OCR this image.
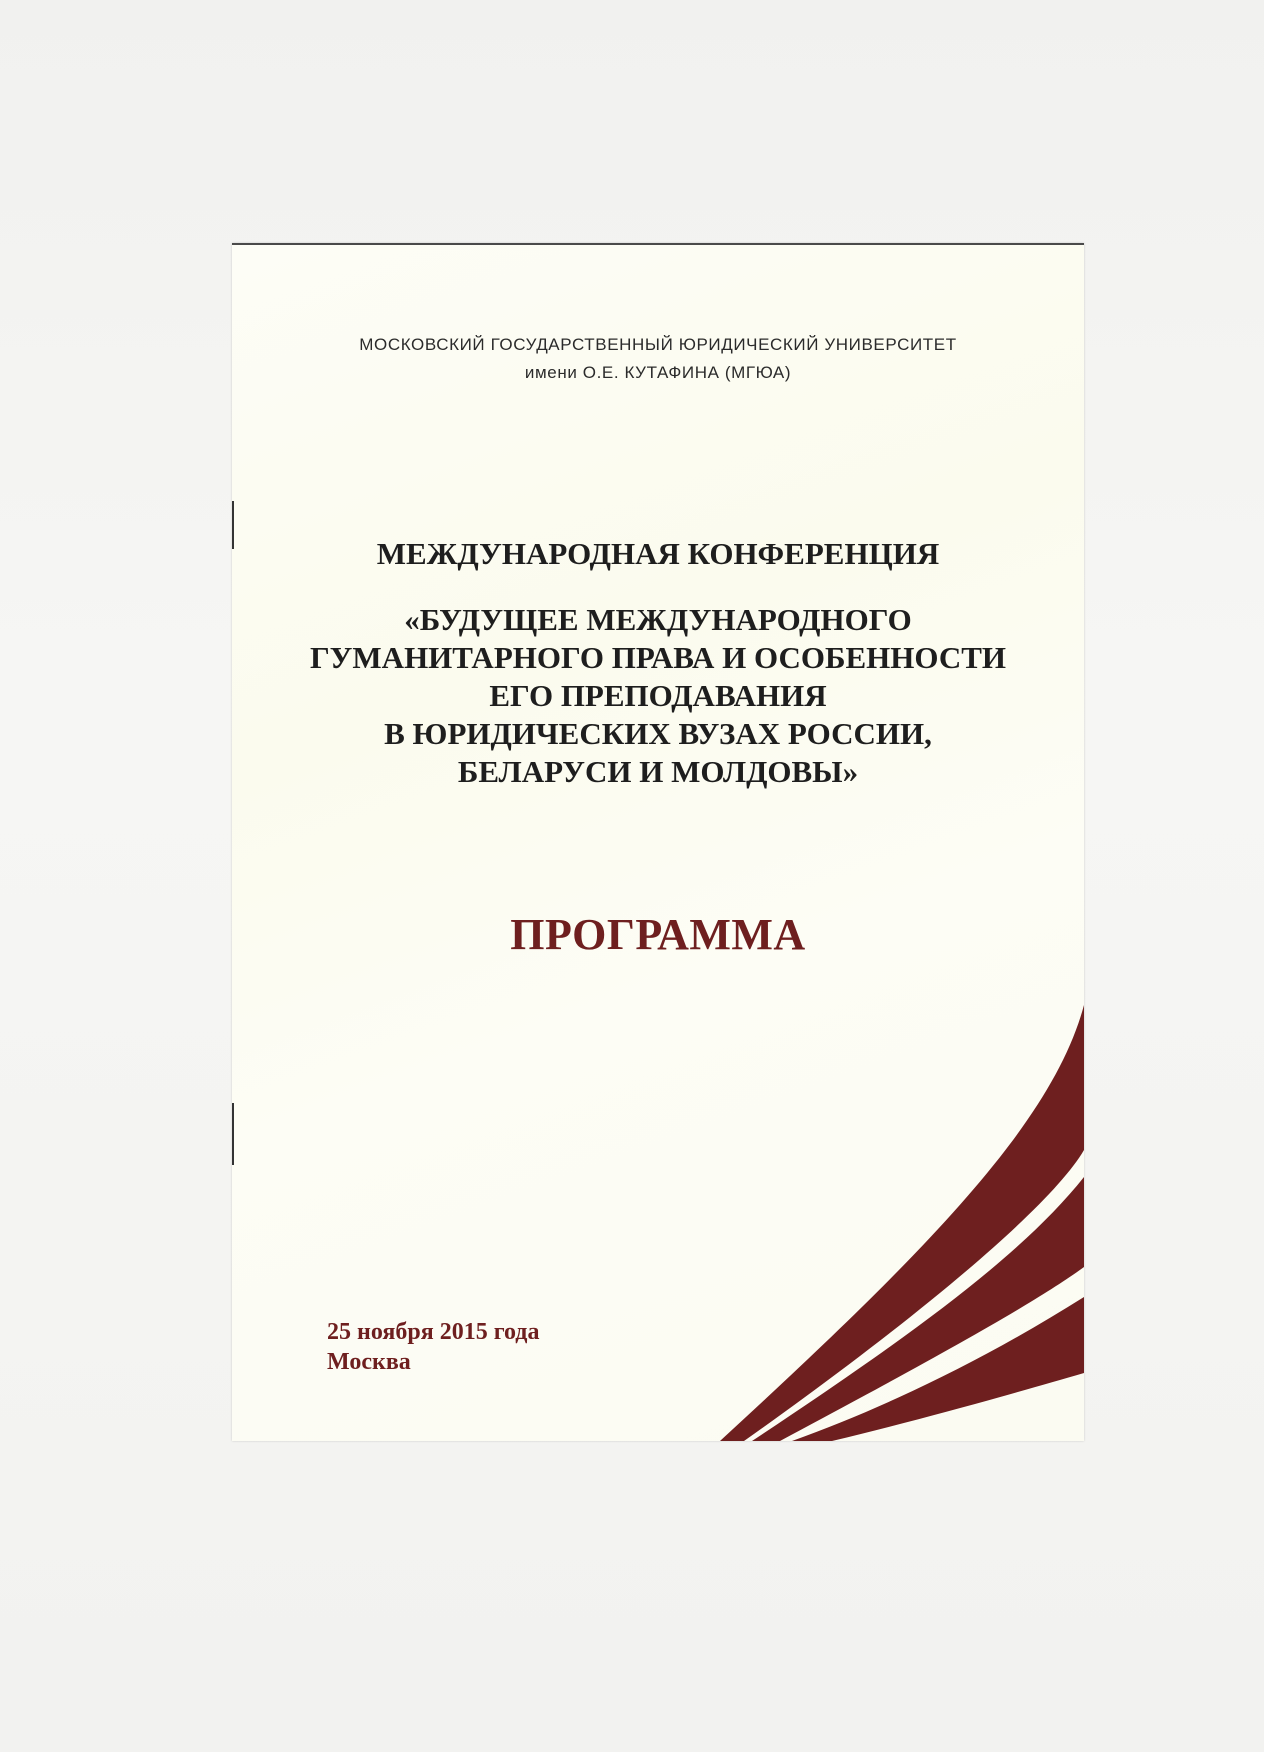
МОСКОВСКИЙ ГОСУДАРСТВЕННЫЙ ЮРИДИЧЕСКИЙ УНИВЕРСИТЕТ
имени О.Е. КУТАФИНА (МГЮА)
МЕЖДУНАРОДНАЯ КОНФЕРЕНЦИЯ
«БУДУЩЕЕ МЕЖДУНАРОДНОГО
ГУМАНИТАРНОГО ПРАВА И ОСОБЕННОСТИ
ЕГО ПРЕПОДАВАНИЯ
В ЮРИДИЧЕСКИХ ВУЗАХ РОССИИ,
БЕЛАРУСИ И МОЛДОВЫ»
ПРОГРАММА
25 ноября 2015 года
Москва
